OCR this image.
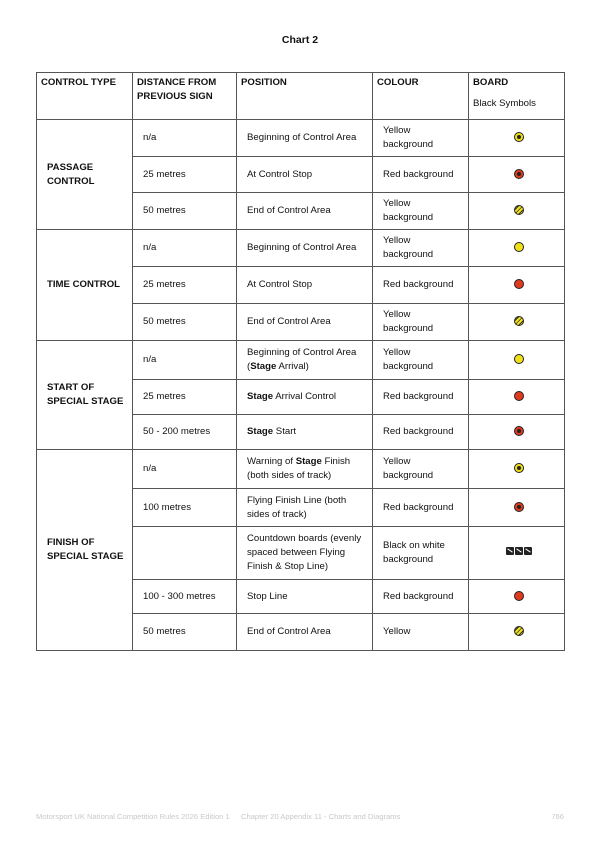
Chart 2
CONTROL TYPE	DISTANCE FROM PREVIOUS SIGN	POSITION	COLOUR	BOARD
Black Symbols

PASSAGE CONTROL	n/a	Beginning of Control Area	Yellow background	

	25 metres	At Control Stop	Red background	

	50 metres	End of Control Area	Yellow background	
TIME CONTROL	n/a	Beginning of Control Area	Yellow background	
	25 metres	At Control Stop	Red background	
	50 metres	End of Control Area	Yellow background	
START OF SPECIAL STAGE	n/a	Beginning of Control Area (Stage Arrival)	Yellow background	
	25 metres	Stage Arrival Control	Red background	
	50 - 200 metres	Stage Start	Red background	

FINISH OF SPECIAL STAGE	n/a	Warning of Stage Finish (both sides of track)	Yellow background	

	100 metres	Flying Finish Line (both sides of track)	Red background	

		Countdown boards (evenly spaced between Flying Finish & Stop Line)	Black on white background	
	100 - 300 metres	Stop Line	Red background	
	50 metres	End of Control Area	Yellow	
Motorsport UK National Competition Rules 2026 Edition 1	Chapter 20 Appendix 11 - Charts and Diagrams	766
